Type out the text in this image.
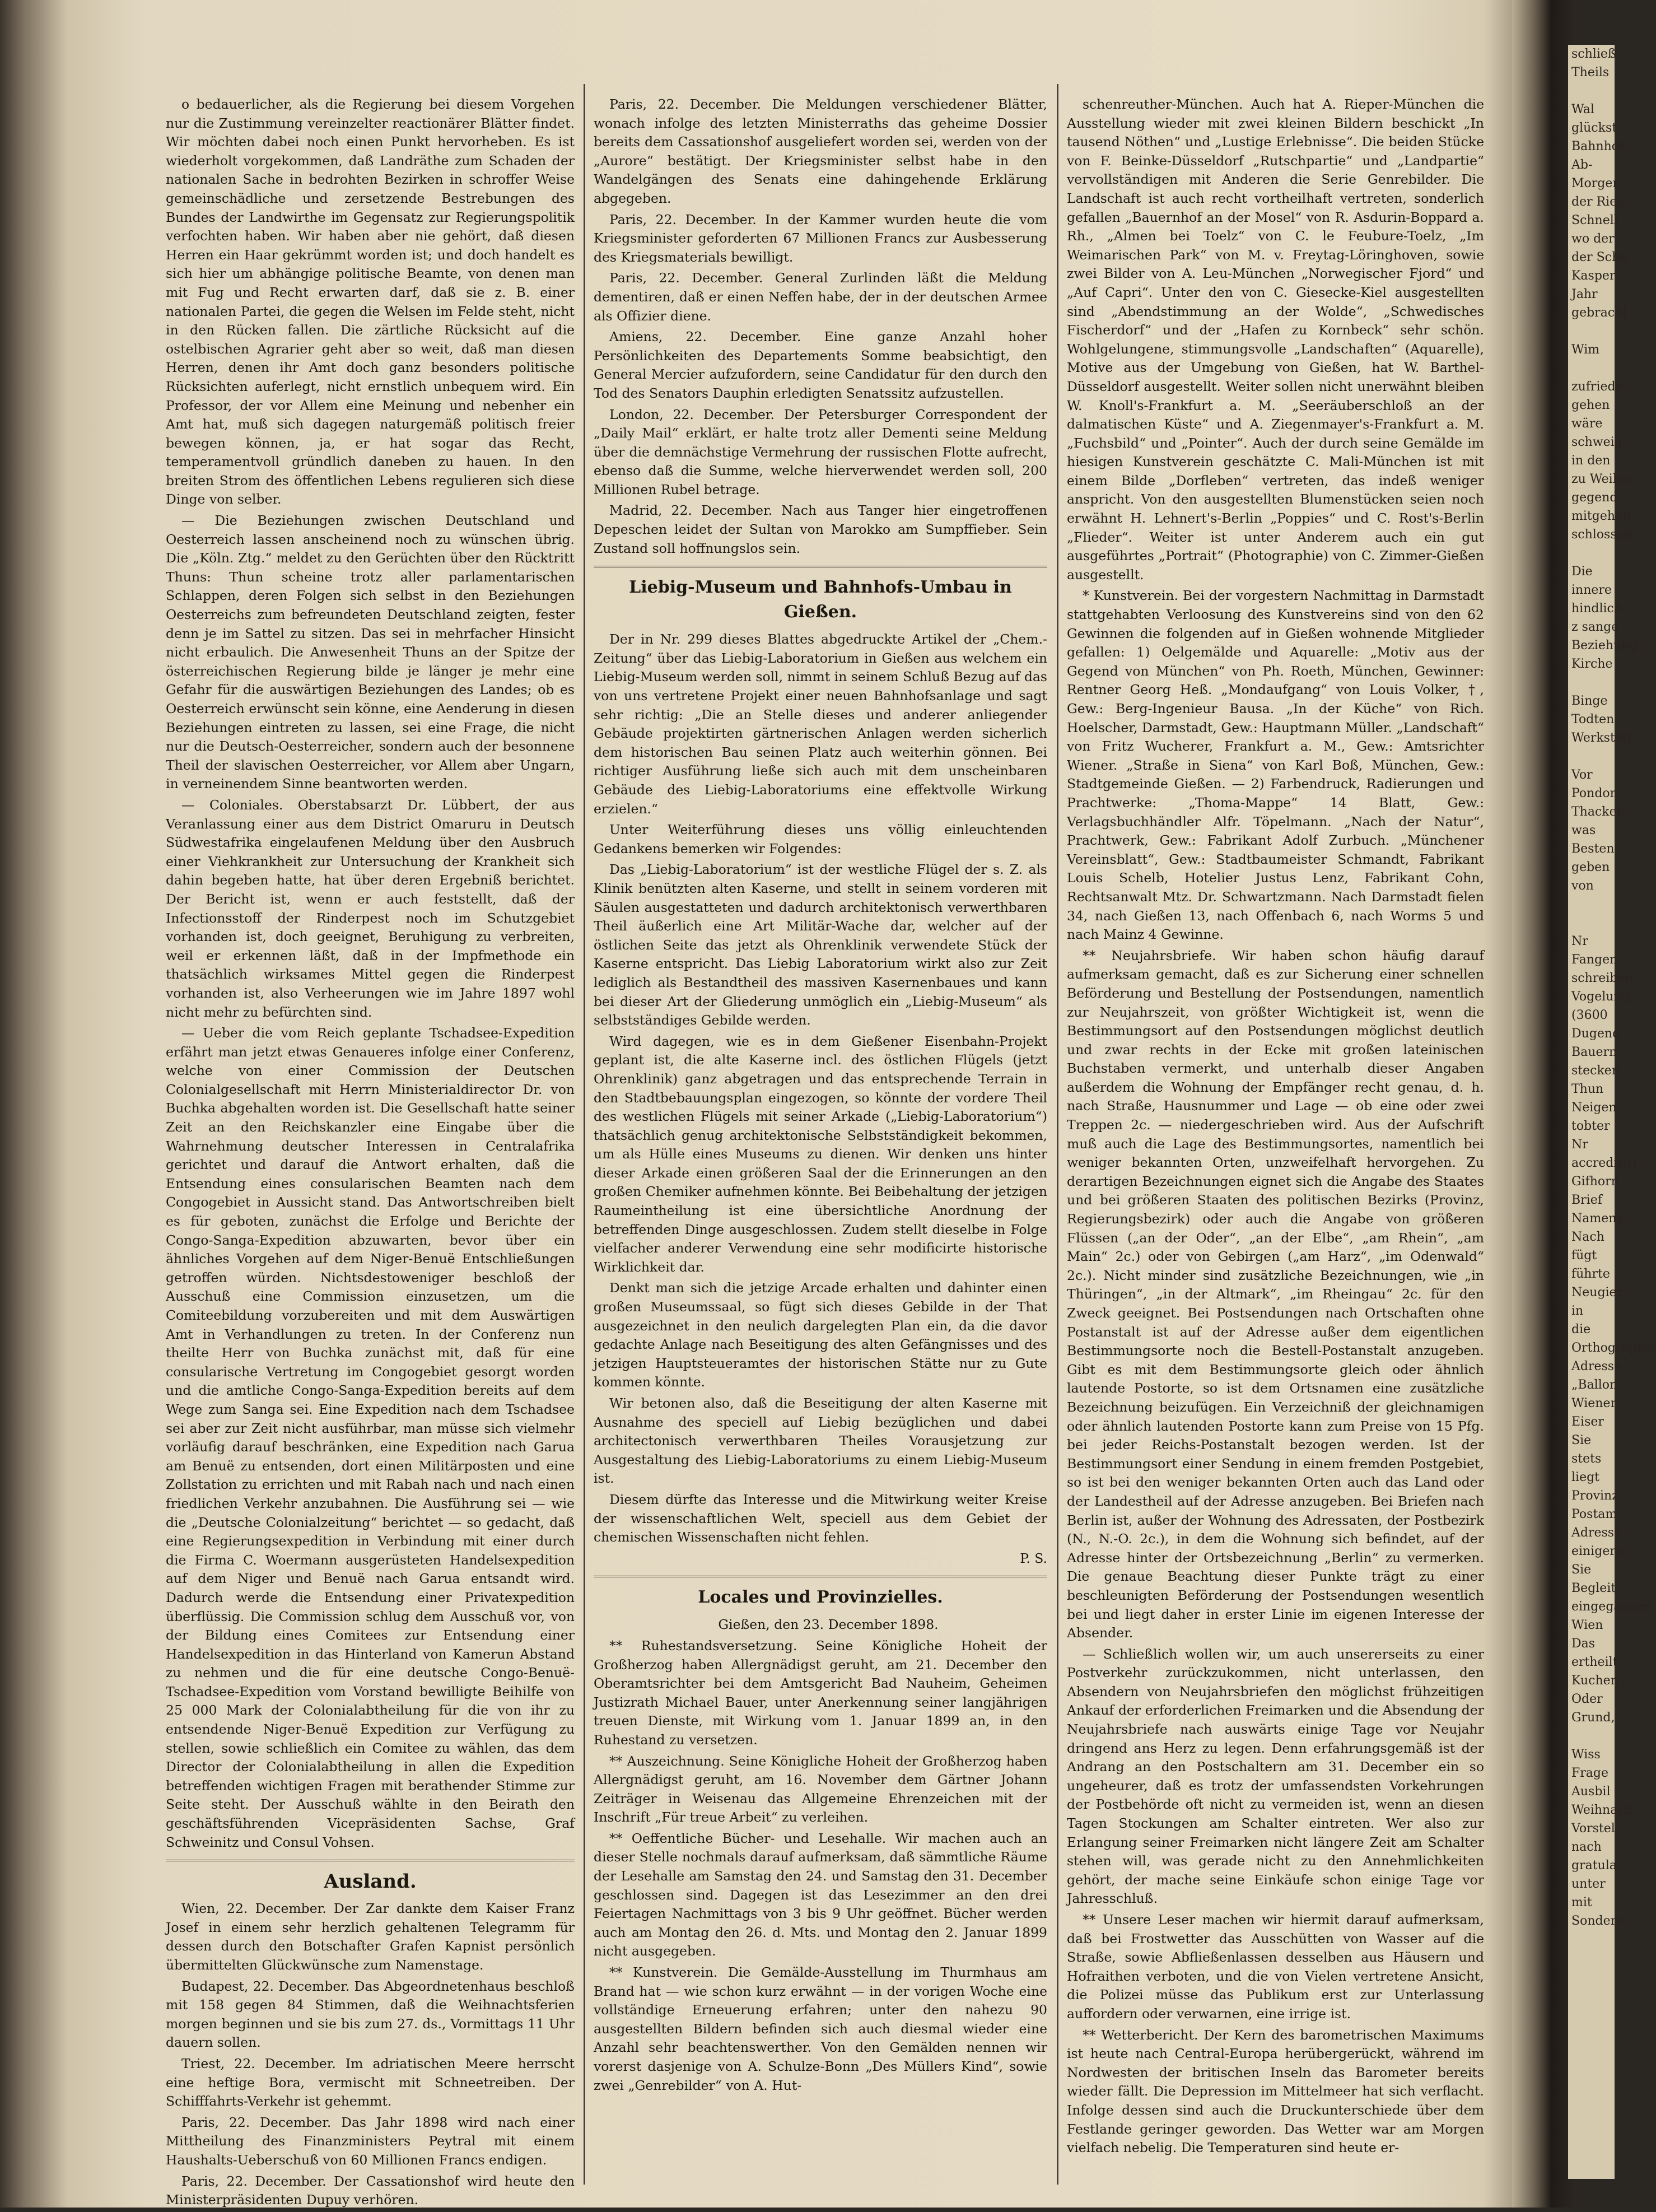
schließ
Theils

Wal
glückst
Bahnhof
Ab-
Morgen
der Rieg
Schnell
wo der
der Schu
Kasper
Jahr
gebracht

Wim

zufriede
gehen
wäre
schweig
in den
zu Weiher
gegend
mitgehen
schlossen

Die
innere
hindlich
z sange
Beziehung
Kirche

Binge
Todten
Werkstatt

Vor
Pondon
Thacker
was
Besten
geben
von

Nr
Fangen
schreiben
Vogelung
(3600
Dugend
Bauern
stecken
Thun
Neigen
tobter
Nr
accreditirt
Gifhorn
Brief
Namens
Nach
fügt
führte
Neugier
in
die
Orthographie
Adresse
„Ballon
Wiener
Eiser
Sie
stets
liegt
Provinz
Postam
Adresse
einigerm
Sie
Begleit
eingegangen
Wien
Das
ertheilt
Kuchen
Oder
Grund,

Wiss
Frage
Ausbil
Weihnach
Vorstel
nach
gratula
unter
mit
Sondern

o bedauerlicher, als die Regierung bei diesem Vorgehen nur die Zustimmung vereinzelter reactionärer Blätter findet. Wir möchten dabei noch einen Punkt hervorheben. Es ist wiederholt vorgekommen, daß Landräthe zum Schaden der nationalen Sache in bedrohten Bezirken in schroffer Weise gemeinschädliche und zersetzende Bestrebungen des Bundes der Landwirthe im Gegensatz zur Regierungspolitik verfochten haben. Wir haben aber nie gehört, daß diesen Herren ein Haar gekrümmt worden ist; und doch handelt es sich hier um abhängige politische Beamte, von denen man mit Fug und Recht erwarten darf, daß sie z. B. einer nationalen Partei, die gegen die Welsen im Felde steht, nicht in den Rücken fallen. Die zärtliche Rücksicht auf die ostelbischen Agrarier geht aber so weit, daß man diesen Herren, denen ihr Amt doch ganz besonders politische Rücksichten auferlegt, nicht ernstlich unbequem wird. Ein Professor, der vor Allem eine Meinung und nebenher ein Amt hat, muß sich dagegen naturgemäß politisch freier bewegen können, ja, er hat sogar das Recht, temperamentvoll gründlich daneben zu hauen. In den breiten Strom des öffentlichen Lebens regulieren sich diese Dinge von selber.

— Die Beziehungen zwischen Deutschland und Oesterreich lassen anscheinend noch zu wünschen übrig. Die „Köln. Ztg.“ meldet zu den Gerüchten über den Rücktritt Thuns: Thun scheine trotz aller parlamentarischen Schlappen, deren Folgen sich selbst in den Beziehungen Oesterreichs zum befreundeten Deutschland zeigten, fester denn je im Sattel zu sitzen. Das sei in mehrfacher Hinsicht nicht erbaulich. Die Anwesenheit Thuns an der Spitze der österreichischen Regierung bilde je länger je mehr eine Gefahr für die auswärtigen Beziehungen des Landes; ob es Oesterreich erwünscht sein könne, eine Aenderung in diesen Beziehungen eintreten zu lassen, sei eine Frage, die nicht nur die Deutsch-Oesterreicher, sondern auch der besonnene Theil der slavischen Oesterreicher, vor Allem aber Ungarn, in verneinendem Sinne beantworten werden.

— Coloniales. Oberstabsarzt Dr. Lübbert, der aus Veranlassung einer aus dem District Omaruru in Deutsch Südwestafrika eingelaufenen Meldung über den Ausbruch einer Viehkrankheit zur Untersuchung der Krankheit sich dahin begeben hatte, hat über deren Ergebniß berichtet. Der Bericht ist, wenn er auch feststellt, daß der Infectionsstoff der Rinderpest noch im Schutzgebiet vorhanden ist, doch geeignet, Beruhigung zu verbreiten, weil er erkennen läßt, daß in der Impfmethode ein thatsächlich wirksames Mittel gegen die Rinderpest vorhanden ist, also Verheerungen wie im Jahre 1897 wohl nicht mehr zu befürchten sind.

— Ueber die vom Reich geplante Tschadsee-Expedition erfährt man jetzt etwas Genaueres infolge einer Conferenz, welche von einer Commission der Deutschen Colonialgesellschaft mit Herrn Ministerialdirector Dr. von Buchka abgehalten worden ist. Die Gesellschaft hatte seiner Zeit an den Reichskanzler eine Eingabe über die Wahrnehmung deutscher Interessen in Centralafrika gerichtet und darauf die Antwort erhalten, daß die Entsendung eines consularischen Beamten nach dem Congogebiet in Aussicht stand. Das Antwortschreiben bielt es für geboten, zunächst die Erfolge und Berichte der Congo-Sanga-Expedition abzuwarten, bevor über ein ähnliches Vorgehen auf dem Niger-Benuë Entschließungen getroffen würden. Nichtsdestoweniger beschloß der Ausschuß eine Commission einzusetzen, um die Comiteebildung vorzubereiten und mit dem Auswärtigen Amt in Verhandlungen zu treten. In der Conferenz nun theilte Herr von Buchka zunächst mit, daß für eine consularische Vertretung im Congogebiet gesorgt worden und die amtliche Congo-Sanga-Expedition bereits auf dem Wege zum Sanga sei. Eine Expedition nach dem Tschadsee sei aber zur Zeit nicht ausführbar, man müsse sich vielmehr vorläufig darauf beschränken, eine Expedition nach Garua am Benuë zu entsenden, dort einen Militärposten und eine Zollstation zu errichten und mit Rabah nach und nach einen friedlichen Verkehr anzubahnen. Die Ausführung sei — wie die „Deutsche Colonialzeitung“ berichtet — so gedacht, daß eine Regierungsexpedition in Verbindung mit einer durch die Firma C. Woermann ausgerüsteten Handelsexpedition auf dem Niger und Benuë nach Garua entsandt wird. Dadurch werde die Entsendung einer Privatexpedition überflüssig. Die Commission schlug dem Ausschuß vor, von der Bildung eines Comitees zur Entsendung einer Handelsexpedition in das Hinterland von Kamerun Abstand zu nehmen und die für eine deutsche Congo-Benuë-Tschadsee-Expedition vom Vorstand bewilligte Beihilfe von 25 000 Mark der Colonialabtheilung für die von ihr zu entsendende Niger-Benuë Expedition zur Verfügung zu stellen, sowie schließlich ein Comitee zu wählen, das dem Director der Colonialabtheilung in allen die Expedition betreffenden wichtigen Fragen mit berathender Stimme zur Seite steht. Der Ausschuß wählte in den Beirath den geschäftsführenden Vicepräsidenten Sachse, Graf Schweinitz und Consul Vohsen.

Ausland.

Wien, 22. December. Der Zar dankte dem Kaiser Franz Josef in einem sehr herzlich gehaltenen Telegramm für dessen durch den Botschafter Grafen Kapnist persönlich übermittelten Glückwünsche zum Namenstage.

Budapest, 22. December. Das Abgeordnetenhaus beschloß mit 158 gegen 84 Stimmen, daß die Weihnachtsferien morgen beginnen und sie bis zum 27. ds., Vormittags 11 Uhr dauern sollen.

Triest, 22. December. Im adriatischen Meere herrscht eine heftige Bora, vermischt mit Schneetreiben. Der Schifffahrts-Verkehr ist gehemmt.

Paris, 22. December. Das Jahr 1898 wird nach einer Mittheilung des Finanzministers Peytral mit einem Haushalts-Ueberschuß von 60 Millionen Francs endigen.

Paris, 22. December. Der Cassationshof wird heute den Ministerpräsidenten Dupuy verhören.

Paris, 22. December. Die Meldungen verschiedener Blätter, wonach infolge des letzten Ministerraths das geheime Dossier bereits dem Cassationshof ausgeliefert worden sei, werden von der „Aurore“ bestätigt. Der Kriegsminister selbst habe in den Wandelgängen des Senats eine dahingehende Erklärung abgegeben.

Paris, 22. December. In der Kammer wurden heute die vom Kriegsminister geforderten 67 Millionen Francs zur Ausbesserung des Kriegsmaterials bewilligt.

Paris, 22. December. General Zurlinden läßt die Meldung dementiren, daß er einen Neffen habe, der in der deutschen Armee als Offizier diene.

Amiens, 22. December. Eine ganze Anzahl hoher Persönlichkeiten des Departements Somme beabsichtigt, den General Mercier aufzufordern, seine Candidatur für den durch den Tod des Senators Dauphin erledigten Senatssitz aufzustellen.

London, 22. December. Der Petersburger Correspondent der „Daily Mail“ erklärt, er halte trotz aller Dementi seine Meldung über die demnächstige Vermehrung der russischen Flotte aufrecht, ebenso daß die Summe, welche hierverwendet werden soll, 200 Millionen Rubel betrage.

Madrid, 22. December. Nach aus Tanger hier eingetroffenen Depeschen leidet der Sultan von Marokko am Sumpffieber. Sein Zustand soll hoffnungslos sein.

Liebig-Museum und Bahnhofs-Umbau in Gießen.

Der in Nr. 299 dieses Blattes abgedruckte Artikel der „Chem.-Zeitung“ über das Liebig-Laboratorium in Gießen aus welchem ein Liebig-Museum werden soll, nimmt in seinem Schluß Bezug auf das von uns vertretene Projekt einer neuen Bahnhofsanlage und sagt sehr richtig: „Die an Stelle dieses und anderer anliegender Gebäude projektirten gärtnerischen Anlagen werden sicherlich dem historischen Bau seinen Platz auch weiterhin gönnen. Bei richtiger Ausführung ließe sich auch mit dem unscheinbaren Gebäude des Liebig-Laboratoriums eine effektvolle Wirkung erzielen.“

Unter Weiterführung dieses uns völlig einleuchtenden Gedankens bemerken wir Folgendes:

Das „Liebig-Laboratorium“ ist der westliche Flügel der s. Z. als Klinik benützten alten Kaserne, und stellt in seinem vorderen mit Säulen ausgestatteten und dadurch architektonisch verwerthbaren Theil äußerlich eine Art Militär-Wache dar, welcher auf der östlichen Seite das jetzt als Ohrenklinik verwendete Stück der Kaserne entspricht. Das Liebig Laboratorium wirkt also zur Zeit lediglich als Bestandtheil des massiven Kasernenbaues und kann bei dieser Art der Gliederung unmöglich ein „Liebig-Museum“ als selbstständiges Gebilde werden.

Wird dagegen, wie es in dem Gießener Eisenbahn-Projekt geplant ist, die alte Kaserne incl. des östlichen Flügels (jetzt Ohrenklinik) ganz abgetragen und das entsprechende Terrain in den Stadtbebauungsplan eingezogen, so könnte der vordere Theil des westlichen Flügels mit seiner Arkade („Liebig-Laboratorium“) thatsächlich genug architektonische Selbstständigkeit bekommen, um als Hülle eines Museums zu dienen. Wir denken uns hinter dieser Arkade einen größeren Saal der die Erinnerungen an den großen Chemiker aufnehmen könnte. Bei Beibehaltung der jetzigen Raumeintheilung ist eine übersichtliche Anordnung der betreffenden Dinge ausgeschlossen. Zudem stellt dieselbe in Folge vielfacher anderer Verwendung eine sehr modificirte historische Wirklichkeit dar.

Denkt man sich die jetzige Arcade erhalten und dahinter einen großen Museumssaal, so fügt sich dieses Gebilde in der That ausgezeichnet in den neulich dargelegten Plan ein, da die davor gedachte Anlage nach Beseitigung des alten Gefängnisses und des jetzigen Hauptsteueramtes der historischen Stätte nur zu Gute kommen könnte.

Wir betonen also, daß die Beseitigung der alten Kaserne mit Ausnahme des speciell auf Liebig bezüglichen und dabei architectonisch verwerthbaren Theiles Vorausjetzung zur Ausgestaltung des Liebig-Laboratoriums zu einem Liebig-Museum ist.

Diesem dürfte das Interesse und die Mitwirkung weiter Kreise der wissenschaftlichen Welt, speciell aus dem Gebiet der chemischen Wissenschaften nicht fehlen.

P. S.

Locales und Provinzielles.

Gießen, den 23. December 1898.

** Ruhestandsversetzung. Seine Königliche Hoheit der Großherzog haben Allergnädigst geruht, am 21. December den Oberamtsrichter bei dem Amtsgericht Bad Nauheim, Geheimen Justizrath Michael Bauer, unter Anerkennung seiner langjährigen treuen Dienste, mit Wirkung vom 1. Januar 1899 an, in den Ruhestand zu versetzen.

** Auszeichnung. Seine Königliche Hoheit der Großherzog haben Allergnädigst geruht, am 16. November dem Gärtner Johann Zeiträger in Weisenau das Allgemeine Ehrenzeichen mit der Inschrift „Für treue Arbeit“ zu verleihen.

** Oeffentliche Bücher- und Lesehalle. Wir machen auch an dieser Stelle nochmals darauf aufmerksam, daß sämmtliche Räume der Lesehalle am Samstag den 24. und Samstag den 31. December geschlossen sind. Dagegen ist das Lesezimmer an den drei Feiertagen Nachmittags von 3 bis 9 Uhr geöffnet. Bücher werden auch am Montag den 26. d. Mts. und Montag den 2. Januar 1899 nicht ausgegeben.

** Kunstverein. Die Gemälde-Ausstellung im Thurmhaus am Brand hat — wie schon kurz erwähnt — in der vorigen Woche eine vollständige Erneuerung erfahren; unter den nahezu 90 ausgestellten Bildern befinden sich auch diesmal wieder eine Anzahl sehr beachtenswerther. Von den Gemälden nennen wir vorerst dasjenige von A. Schulze-Bonn „Des Müllers Kind“, sowie zwei „Genrebilder“ von A. Hut-

schenreuther-München. Auch hat A. Rieper-München die Ausstellung wieder mit zwei kleinen Bildern beschickt „In tausend Nöthen“ und „Lustige Erlebnisse“. Die beiden Stücke von F. Beinke-Düsseldorf „Rutschpartie“ und „Landpartie“ vervollständigen mit Anderen die Serie Genrebilder. Die Landschaft ist auch recht vortheilhaft vertreten, sonderlich gefallen „Bauernhof an der Mosel“ von R. Asdurin-Boppard a. Rh., „Almen bei Toelz“ von C. le Feubure-Toelz, „Im Weimarischen Park“ von M. v. Freytag-Löringhoven, sowie zwei Bilder von A. Leu-München „Norwegischer Fjord“ und „Auf Capri“. Unter den von C. Giesecke-Kiel ausgestellten sind „Abendstimmung an der Wolde“, „Schwedisches Fischerdorf“ und der „Hafen zu Kornbeck“ sehr schön. Wohlgelungene, stimmungsvolle „Landschaften“ (Aquarelle), Motive aus der Umgebung von Gießen, hat W. Barthel-Düsseldorf ausgestellt. Weiter sollen nicht unerwähnt bleiben W. Knoll's-Frankfurt a. M. „Seeräuberschloß an der dalmatischen Küste“ und A. Ziegenmayer's-Frankfurt a. M. „Fuchsbild“ und „Pointer“. Auch der durch seine Gemälde im hiesigen Kunstverein geschätzte C. Mali-München ist mit einem Bilde „Dorfleben“ vertreten, das indeß weniger anspricht. Von den ausgestellten Blumenstücken seien noch erwähnt H. Lehnert's-Berlin „Poppies“ und C. Rost's-Berlin „Flieder“. Weiter ist unter Anderem auch ein gut ausgeführtes „Portrait“ (Photographie) von C. Zimmer-Gießen ausgestellt.

* Kunstverein. Bei der vorgestern Nachmittag in Darmstadt stattgehabten Verloosung des Kunstvereins sind von den 62 Gewinnen die folgenden auf in Gießen wohnende Mitglieder gefallen: 1) Oelgemälde und Aquarelle: „Motiv aus der Gegend von München“ von Ph. Roeth, München, Gewinner: Rentner Georg Heß. „Mondaufgang“ von Louis Volker, †, Gew.: Berg-Ingenieur Bausa. „In der Küche“ von Rich. Hoelscher, Darmstadt, Gew.: Hauptmann Müller. „Landschaft“ von Fritz Wucherer, Frankfurt a. M., Gew.: Amtsrichter Wiener. „Straße in Siena“ von Karl Boß, München, Gew.: Stadtgemeinde Gießen. — 2) Farbendruck, Radierungen und Prachtwerke: „Thoma-Mappe“ 14 Blatt, Gew.: Verlagsbuchhändler Alfr. Töpelmann. „Nach der Natur“, Prachtwerk, Gew.: Fabrikant Adolf Zurbuch. „Münchener Vereinsblatt“, Gew.: Stadtbaumeister Schmandt, Fabrikant Louis Schelb, Hotelier Justus Lenz, Fabrikant Cohn, Rechtsanwalt Mtz. Dr. Schwartzmann. Nach Darmstadt fielen 34, nach Gießen 13, nach Offenbach 6, nach Worms 5 und nach Mainz 4 Gewinne.

** Neujahrsbriefe. Wir haben schon häufig darauf aufmerksam gemacht, daß es zur Sicherung einer schnellen Beförderung und Bestellung der Postsendungen, namentlich zur Neujahrszeit, von größter Wichtigkeit ist, wenn die Bestimmungsort auf den Postsendungen möglichst deutlich und zwar rechts in der Ecke mit großen lateinischen Buchstaben vermerkt, und unterhalb dieser Angaben außerdem die Wohnung der Empfänger recht genau, d. h. nach Straße, Hausnummer und Lage — ob eine oder zwei Treppen 2c. — niedergeschrieben wird. Aus der Aufschrift muß auch die Lage des Bestimmungsortes, namentlich bei weniger bekannten Orten, unzweifelhaft hervorgehen. Zu derartigen Bezeichnungen eignet sich die Angabe des Staates und bei größeren Staaten des politischen Bezirks (Provinz, Regierungsbezirk) oder auch die Angabe von größeren Flüssen („an der Oder“, „an der Elbe“, „am Rhein“, „am Main“ 2c.) oder von Gebirgen („am Harz“, „im Odenwald“ 2c.). Nicht minder sind zusätzliche Bezeichnungen, wie „in Thüringen“, „in der Altmark“, „im Rheingau“ 2c. für den Zweck geeignet. Bei Postsendungen nach Ortschaften ohne Postanstalt ist auf der Adresse außer dem eigentlichen Bestimmungsorte noch die Bestell-Postanstalt anzugeben. Gibt es mit dem Bestimmungsorte gleich oder ähnlich lautende Postorte, so ist dem Ortsnamen eine zusätzliche Bezeichnung beizufügen. Ein Verzeichniß der gleichnamigen oder ähnlich lautenden Postorte kann zum Preise von 15 Pfg. bei jeder Reichs-Postanstalt bezogen werden. Ist der Bestimmungsort einer Sendung in einem fremden Postgebiet, so ist bei den weniger bekannten Orten auch das Land oder der Landestheil auf der Adresse anzugeben. Bei Briefen nach Berlin ist, außer der Wohnung des Adressaten, der Postbezirk (N., N.-O. 2c.), in dem die Wohnung sich befindet, auf der Adresse hinter der Ortsbezeichnung „Berlin“ zu vermerken. Die genaue Beachtung dieser Punkte trägt zu einer beschleunigten Beförderung der Postsendungen wesentlich bei und liegt daher in erster Linie im eigenen Interesse der Absender.

— Schließlich wollen wir, um auch unsererseits zu einer Postverkehr zurückzukommen, nicht unterlassen, den Absendern von Neujahrsbriefen den möglichst frühzeitigen Ankauf der erforderlichen Freimarken und die Absendung der Neujahrsbriefe nach auswärts einige Tage vor Neujahr dringend ans Herz zu legen. Denn erfahrungsgemäß ist der Andrang an den Postschaltern am 31. December ein so ungeheurer, daß es trotz der umfassendsten Vorkehrungen der Postbehörde oft nicht zu vermeiden ist, wenn an diesen Tagen Stockungen am Schalter eintreten. Wer also zur Erlangung seiner Freimarken nicht längere Zeit am Schalter stehen will, was gerade nicht zu den Annehmlichkeiten gehört, der mache seine Einkäufe schon einige Tage vor Jahresschluß.

** Unsere Leser machen wir hiermit darauf aufmerksam, daß bei Frostwetter das Ausschütten von Wasser auf die Straße, sowie Abfließenlassen desselben aus Häusern und Hofraithen verboten, und die von Vielen vertretene Ansicht, die Polizei müsse das Publikum erst zur Unterlassung auffordern oder verwarnen, eine irrige ist.

** Wetterbericht. Der Kern des barometrischen Maximums ist heute nach Central-Europa herübergerückt, während im Nordwesten der britischen Inseln das Barometer bereits wieder fällt. Die Depression im Mittelmeer hat sich verflacht. Infolge dessen sind auch die Druckunterschiede über dem Festlande geringer geworden. Das Wetter war am Morgen vielfach nebelig. Die Temperaturen sind heute er-
